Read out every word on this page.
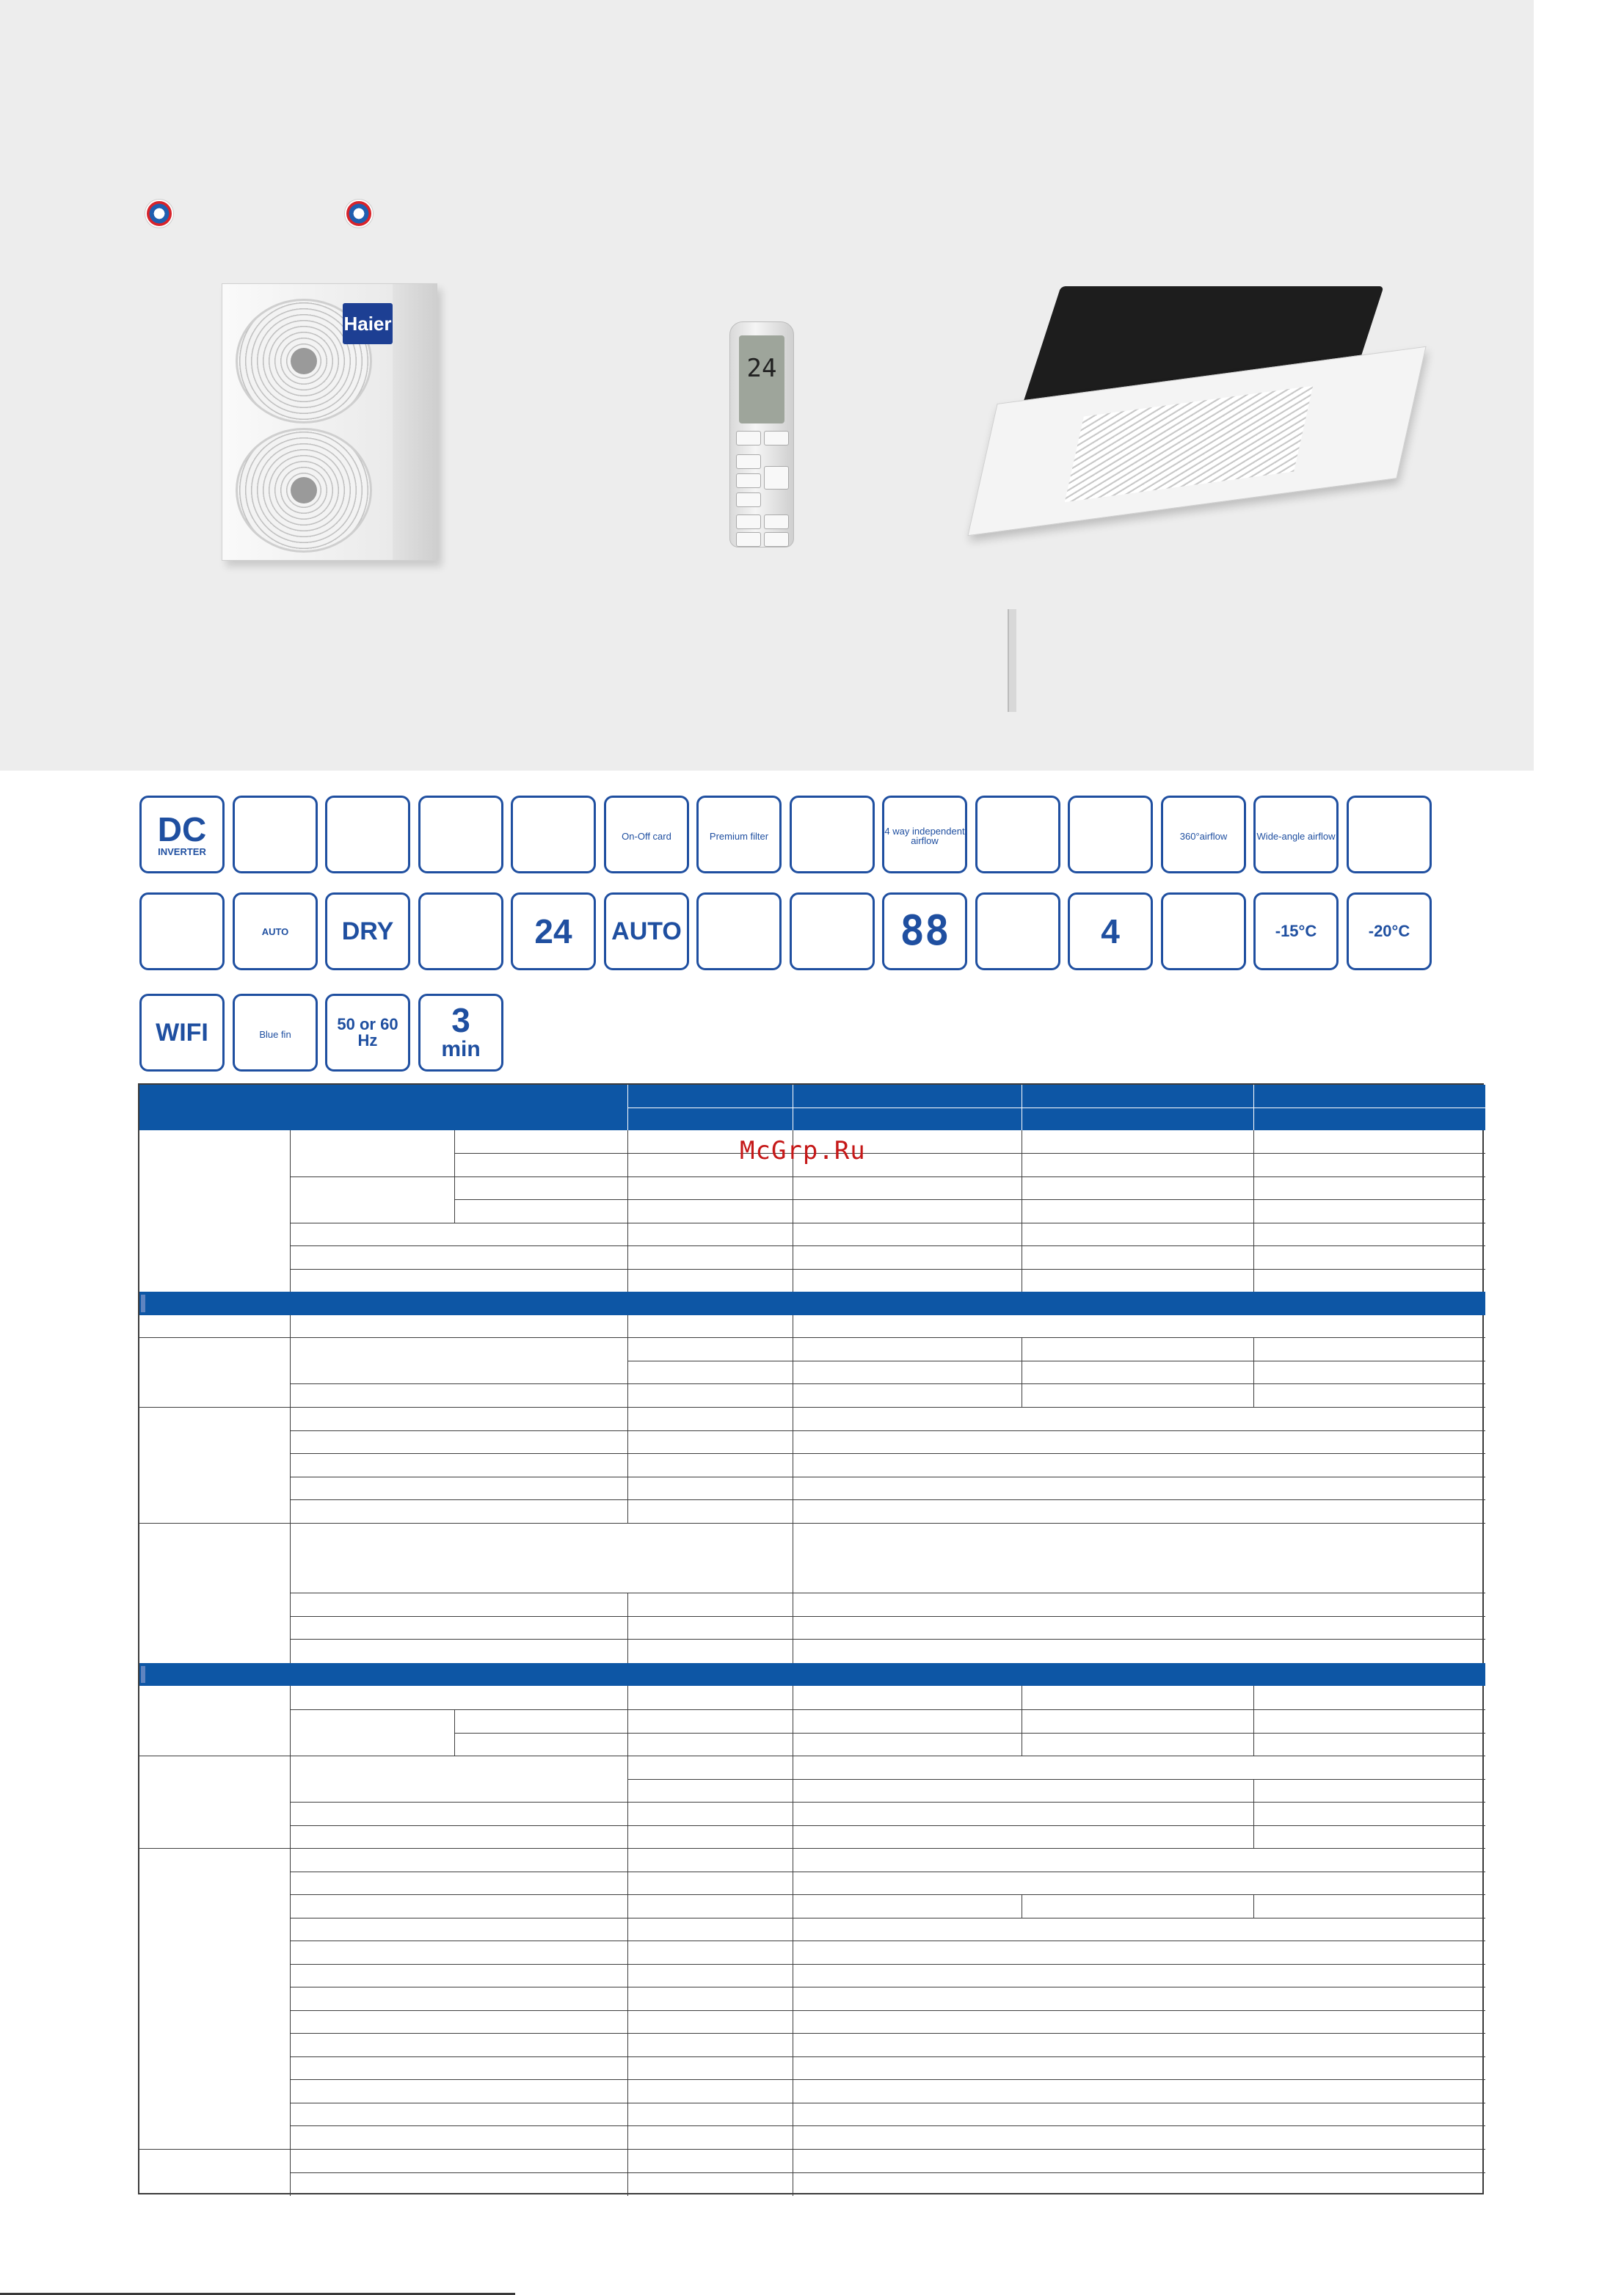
Haier
24
DC
INVERTER
On-Off card	Premium filter	4 way independent airflow	360°airflow	Wide-angle airflow
AUTO DRY	24 AUTO	88	4	-15°C	-20°C
WIFI	Blue fin
50 or 60 Hz
3
min
McGrp.Ru
